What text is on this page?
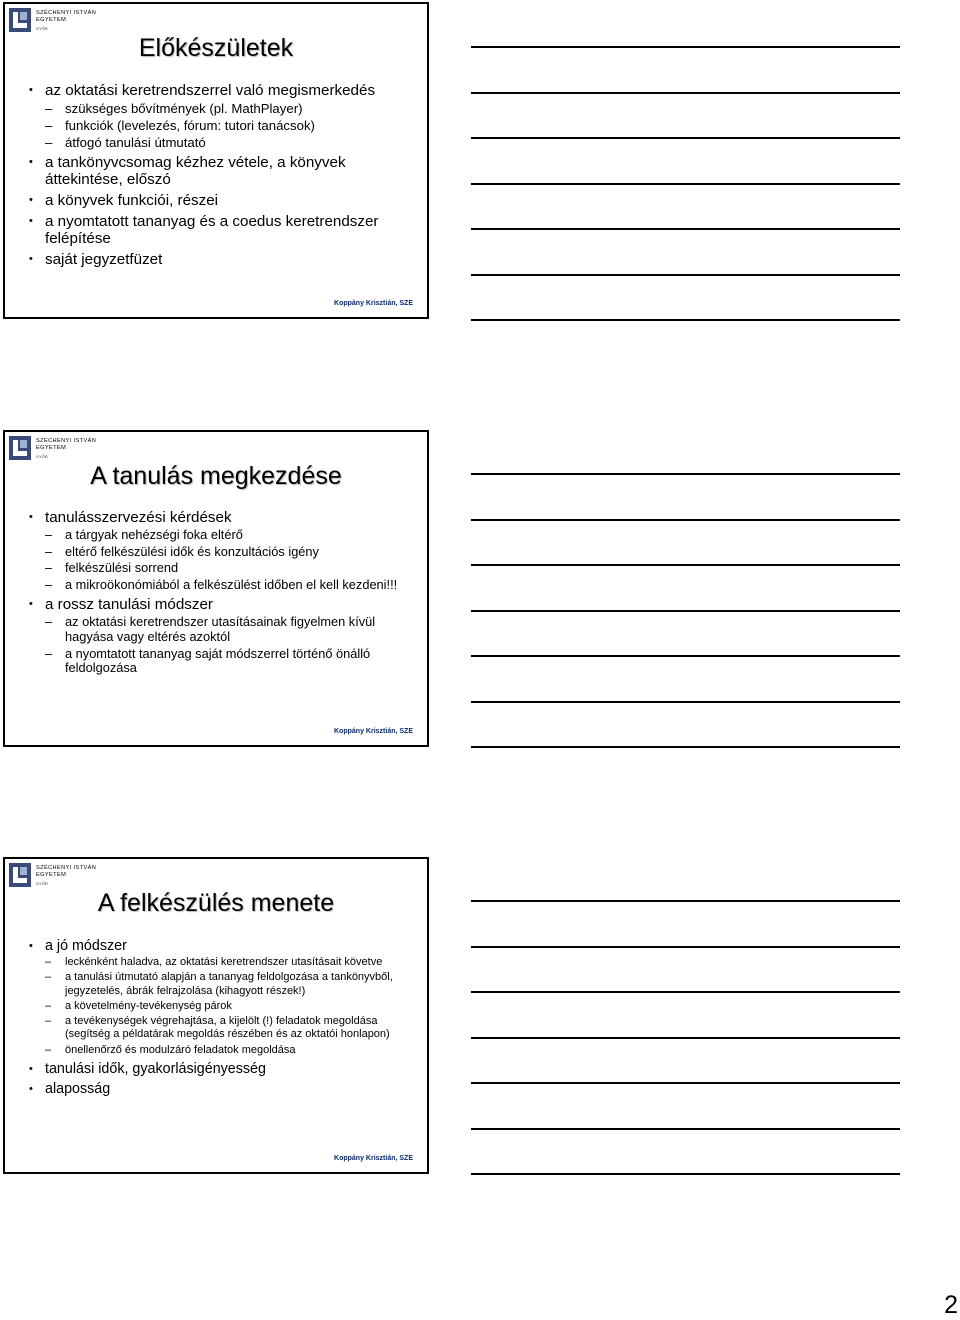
SZÉCHENYI ISTVÁN
EGYETEM
GYŐR
Előkészületek
• az oktatási keretrendszerrel való megismerkedés
– szükséges bővítmények (pl. MathPlayer)
– funkciók (levelezés, fórum: tutori tanácsok)
– átfogó tanulási útmutató
• a tankönyvcsomag kézhez vétele, a könyvek áttekintése, előszó
• a könyvek funkciói, részei
• a nyomtatott tananyag és a coedus keretrendszer felépítése
• saját jegyzetfüzet
Koppány Krisztián, SZE
SZÉCHENYI ISTVÁN
EGYETEM
GYŐR
A tanulás megkezdése
• tanulásszervezési kérdések
– a tárgyak nehézségi foka eltérő
– eltérő felkészülési idők és konzultációs igény
– felkészülési sorrend
– a mikroökonómiából a felkészülést időben el kell kezdeni!!!
• a rossz tanulási módszer
– az oktatási keretrendszer utasításainak figyelmen kívül hagyása vagy eltérés azoktól
– a nyomtatott tananyag saját módszerrel történő önálló feldolgozása
Koppány Krisztián, SZE
SZÉCHENYI ISTVÁN
EGYETEM
GYŐR
A felkészülés menete
• a jó módszer
– leckénként haladva, az oktatási keretrendszer utasításait követve
– a tanulási útmutató alapján a tananyag feldolgozása a tankönyvből, jegyzetelés, ábrák felrajzolása (kihagyott részek!)
– a követelmény-tevékenység párok
– a tevékenységek végrehajtása, a kijelölt (!) feladatok megoldása (segítség a példatárak megoldás részében és az oktatói honlapon)
– önellenőrző és modulzáró feladatok megoldása
• tanulási idők, gyakorlásigényesség
• alaposság
Koppány Krisztián, SZE
2
